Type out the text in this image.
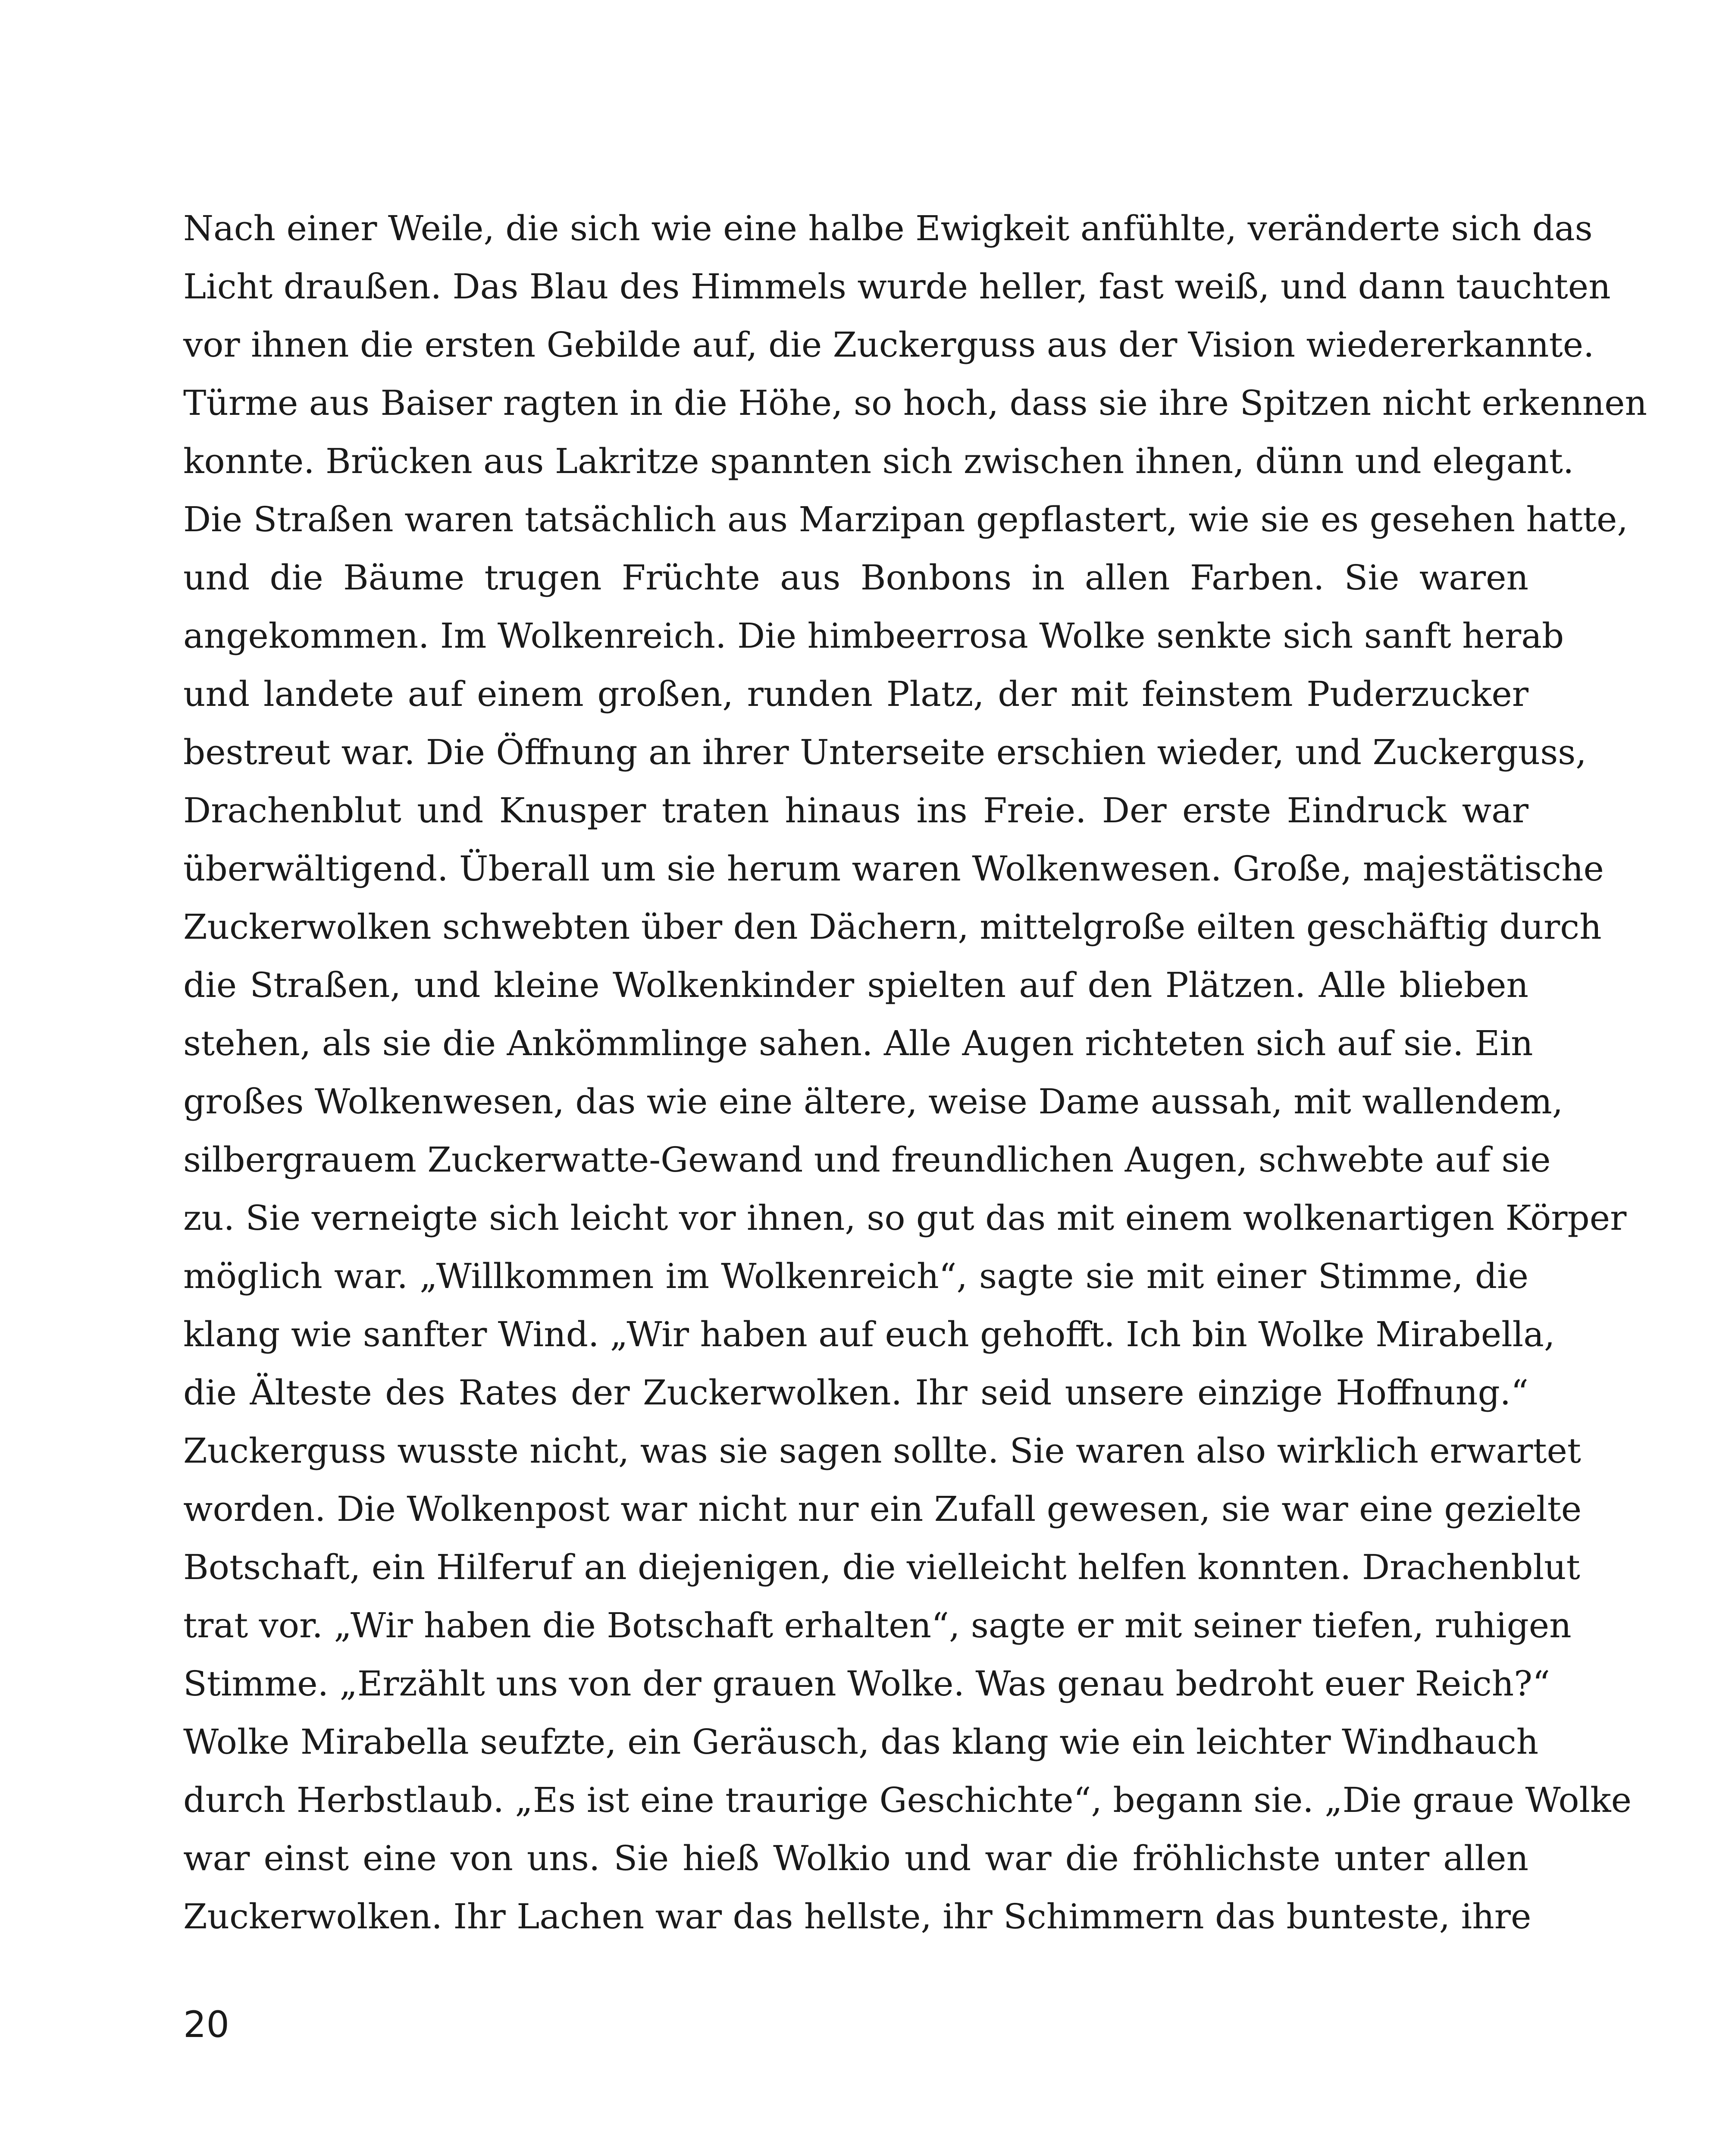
Nach einer Weile, die sich wie eine halbe Ewigkeit anfühlte, veränderte sich das
Licht draußen. Das Blau des Himmels wurde heller, fast weiß, und dann tauchten
vor ihnen die ersten Gebilde auf, die Zuckerguss aus der Vision wiedererkannte.
Türme aus Baiser ragten in die Höhe, so hoch, dass sie ihre Spitzen nicht erkennen
konnte. Brücken aus Lakritze spannten sich zwischen ihnen, dünn und elegant.
Die Straßen waren tatsächlich aus Marzipan gepflastert, wie sie es gesehen hatte,
und die Bäume trugen Früchte aus Bonbons in allen Farben. Sie waren
angekommen. Im Wolkenreich. Die himbeerrosa Wolke senkte sich sanft herab
und landete auf einem großen, runden Platz, der mit feinstem Puderzucker
bestreut war. Die Öffnung an ihrer Unterseite erschien wieder, und Zuckerguss,
Drachenblut und Knusper traten hinaus ins Freie. Der erste Eindruck war
überwältigend. Überall um sie herum waren Wolkenwesen. Große, majestätische
Zuckerwolken schwebten über den Dächern, mittelgroße eilten geschäftig durch
die Straßen, und kleine Wolkenkinder spielten auf den Plätzen. Alle blieben
stehen, als sie die Ankömmlinge sahen. Alle Augen richteten sich auf sie. Ein
großes Wolkenwesen, das wie eine ältere, weise Dame aussah, mit wallendem,
silbergrauem Zuckerwatte-Gewand und freundlichen Augen, schwebte auf sie
zu. Sie verneigte sich leicht vor ihnen, so gut das mit einem wolkenartigen Körper
möglich war. „Willkommen im Wolkenreich“, sagte sie mit einer Stimme, die
klang wie sanfter Wind. „Wir haben auf euch gehofft. Ich bin Wolke Mirabella,
die Älteste des Rates der Zuckerwolken. Ihr seid unsere einzige Hoffnung.“
Zuckerguss wusste nicht, was sie sagen sollte. Sie waren also wirklich erwartet
worden. Die Wolkenpost war nicht nur ein Zufall gewesen, sie war eine gezielte
Botschaft, ein Hilferuf an diejenigen, die vielleicht helfen konnten. Drachenblut
trat vor. „Wir haben die Botschaft erhalten“, sagte er mit seiner tiefen, ruhigen
Stimme. „Erzählt uns von der grauen Wolke. Was genau bedroht euer Reich?“
Wolke Mirabella seufzte, ein Geräusch, das klang wie ein leichter Windhauch
durch Herbstlaub. „Es ist eine traurige Geschichte“, begann sie. „Die graue Wolke
war einst eine von uns. Sie hieß Wolkio und war die fröhlichste unter allen
Zuckerwolken. Ihr Lachen war das hellste, ihr Schimmern das bunteste, ihre
20
